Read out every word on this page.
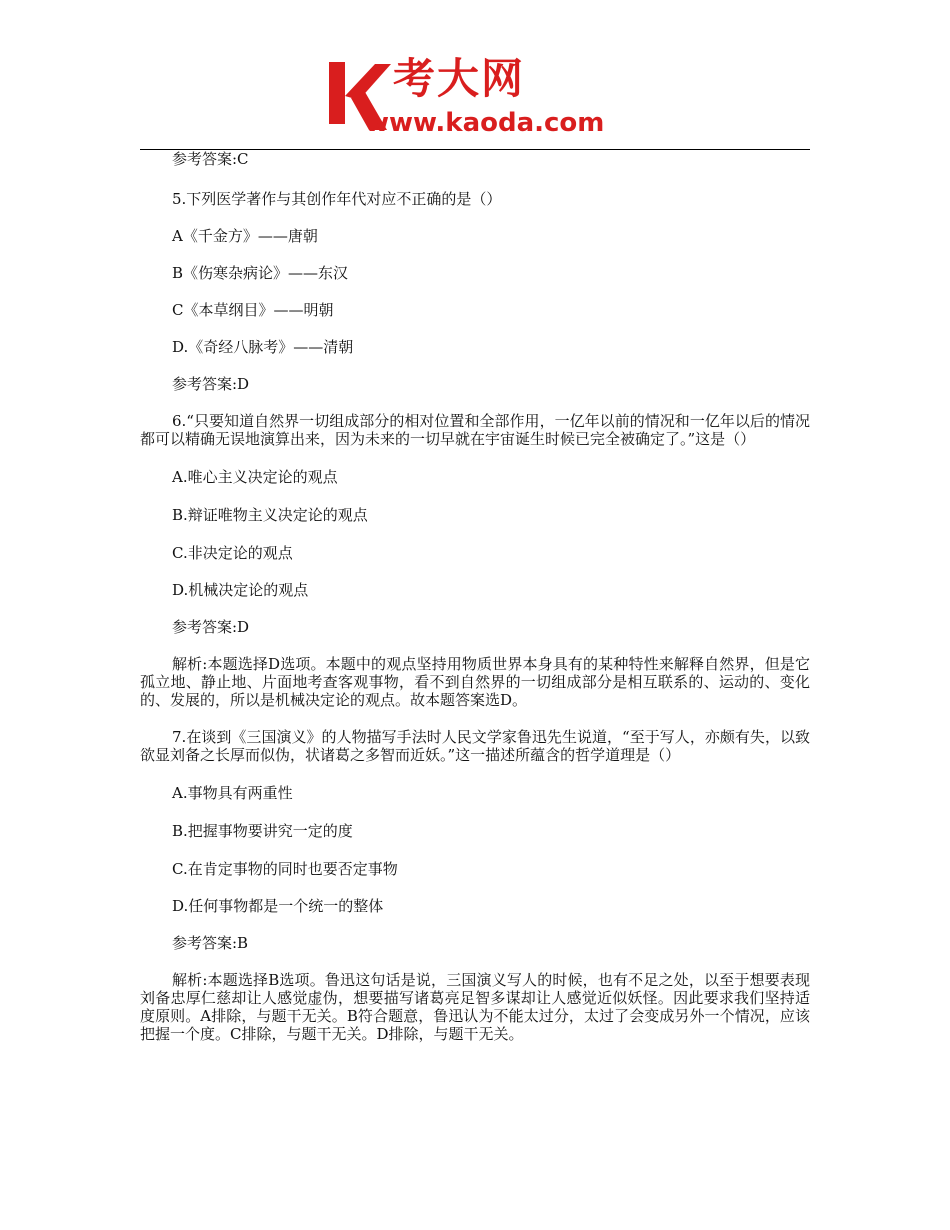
考大网
www.kaoda.com

参考答案:C

5.下列医学著作与其创作年代对应不正确的是（）

A《千金方》——唐朝

B《伤寒杂病论》——东汉

C《本草纲目》——明朝

D.《奇经八脉考》——清朝

参考答案:D

6.“只要知道自然界一切组成部分的相对位置和全部作用，一亿年以前的情况和一亿年以后的情况都可以精确无误地演算出来，因为未来的一切早就在宇宙诞生时候已完全被确定了。”这是（）

A.唯心主义决定论的观点

B.辩证唯物主义决定论的观点

C.非决定论的观点

D.机械决定论的观点

参考答案:D

解析:本题选择D选项。本题中的观点坚持用物质世界本身具有的某种特性来解释自然界，但是它孤立地、静止地、片面地考查客观事物，看不到自然界的一切组成部分是相互联系的、运动的、变化的、发展的，所以是机械决定论的观点。故本题答案选D。

7.在谈到《三国演义》的人物描写手法时人民文学家鲁迅先生说道，“至于写人，亦颇有失，以致欲显刘备之长厚而似伪，状诸葛之多智而近妖。”这一描述所蕴含的哲学道理是（）

A.事物具有两重性

B.把握事物要讲究一定的度

C.在肯定事物的同时也要否定事物

D.任何事物都是一个统一的整体

参考答案:B

解析:本题选择B选项。鲁迅这句话是说，三国演义写人的时候，也有不足之处，以至于想要表现刘备忠厚仁慈却让人感觉虚伪，想要描写诸葛亮足智多谋却让人感觉近似妖怪。因此要求我们坚持适度原则。A排除，与题干无关。B符合题意，鲁迅认为不能太过分，太过了会变成另外一个情况，应该把握一个度。C排除，与题干无关。D排除，与题干无关。
